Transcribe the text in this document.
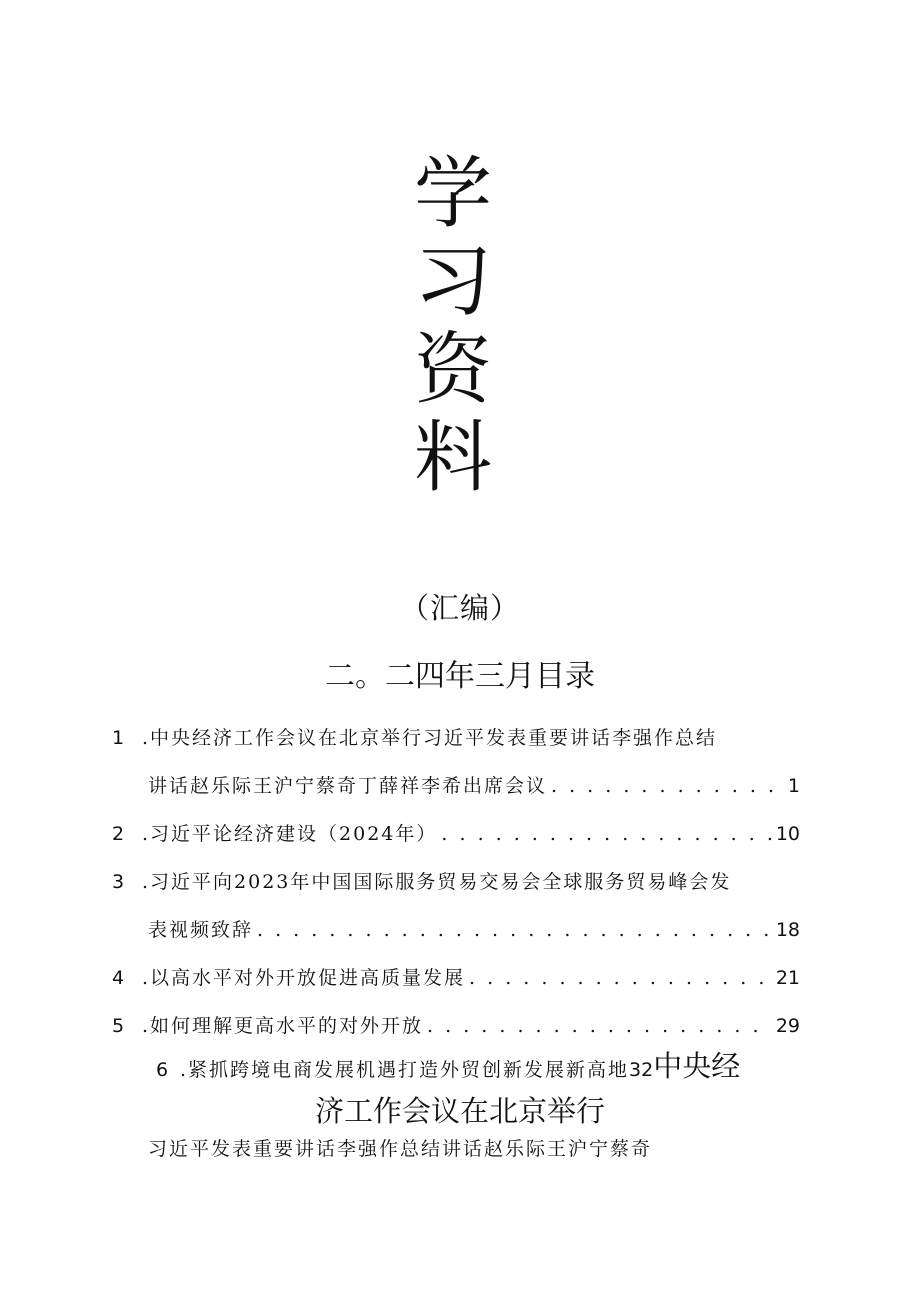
学
习
资
料
（汇编）
二。二四年三月目录
1 .中央经济工作会议在北京举行习近平发表重要讲话李强作总结
讲话赵乐际王沪宁蔡奇丁薛祥李希出席会议 . . .	1
2 .习近平论经济建设（2024年） . . .	10
3 .习近平向2023年中国国际服务贸易交易会全球服务贸易峰会发
表视频致辞 . . .	18
4 .以高水平对外开放促进高质量发展 . . .	21
5 .如何理解更高水平的对外开放 . . .	29
6 .紧抓跨境电商发展机遇打造外贸创新发展新高地 32 中央经
济工作会议在北京举行
习近平发表重要讲话李强作总结讲话赵乐际王沪宁蔡奇
